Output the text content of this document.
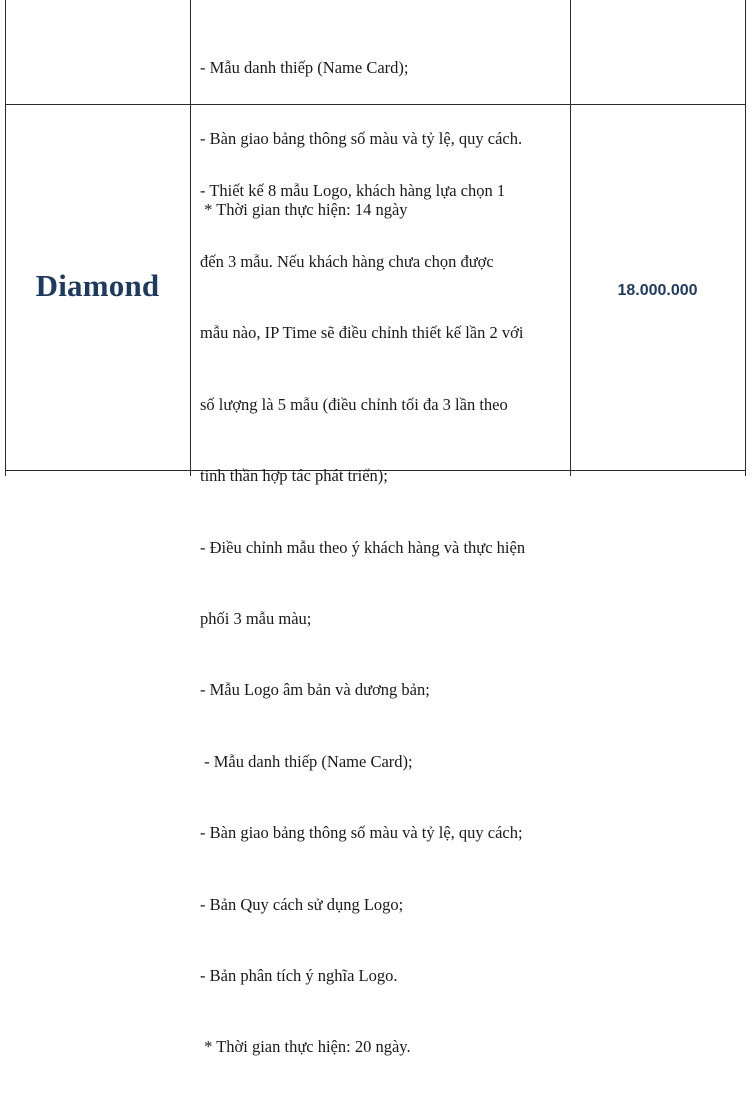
- Mẫu danh thiếp (Name Card);

- Bàn giao bảng thông số màu và tỷ lệ, quy cách.

* Thời gian thực hiện: 14 ngày

Diamond

- Thiết kế 8 mẫu Logo, khách hàng lựa chọn 1

đến 3 mẫu. Nếu khách hàng chưa chọn được

mẫu nào, IP Time sẽ điều chỉnh thiết kế lần 2 với

số lượng là 5 mẫu (điều chỉnh tối đa 3 lần theo

tinh thần hợp tác phát triển);

- Điều chỉnh mẫu theo ý khách hàng và thực hiện

phối 3 mẫu màu;

- Mẫu Logo âm bản và dương bản;

- Mẫu danh thiếp (Name Card);

- Bàn giao bảng thông số màu và tỷ lệ, quy cách;

- Bản Quy cách sử dụng Logo;

- Bản phân tích ý nghĩa Logo.

* Thời gian thực hiện: 20 ngày.

18.000.000
